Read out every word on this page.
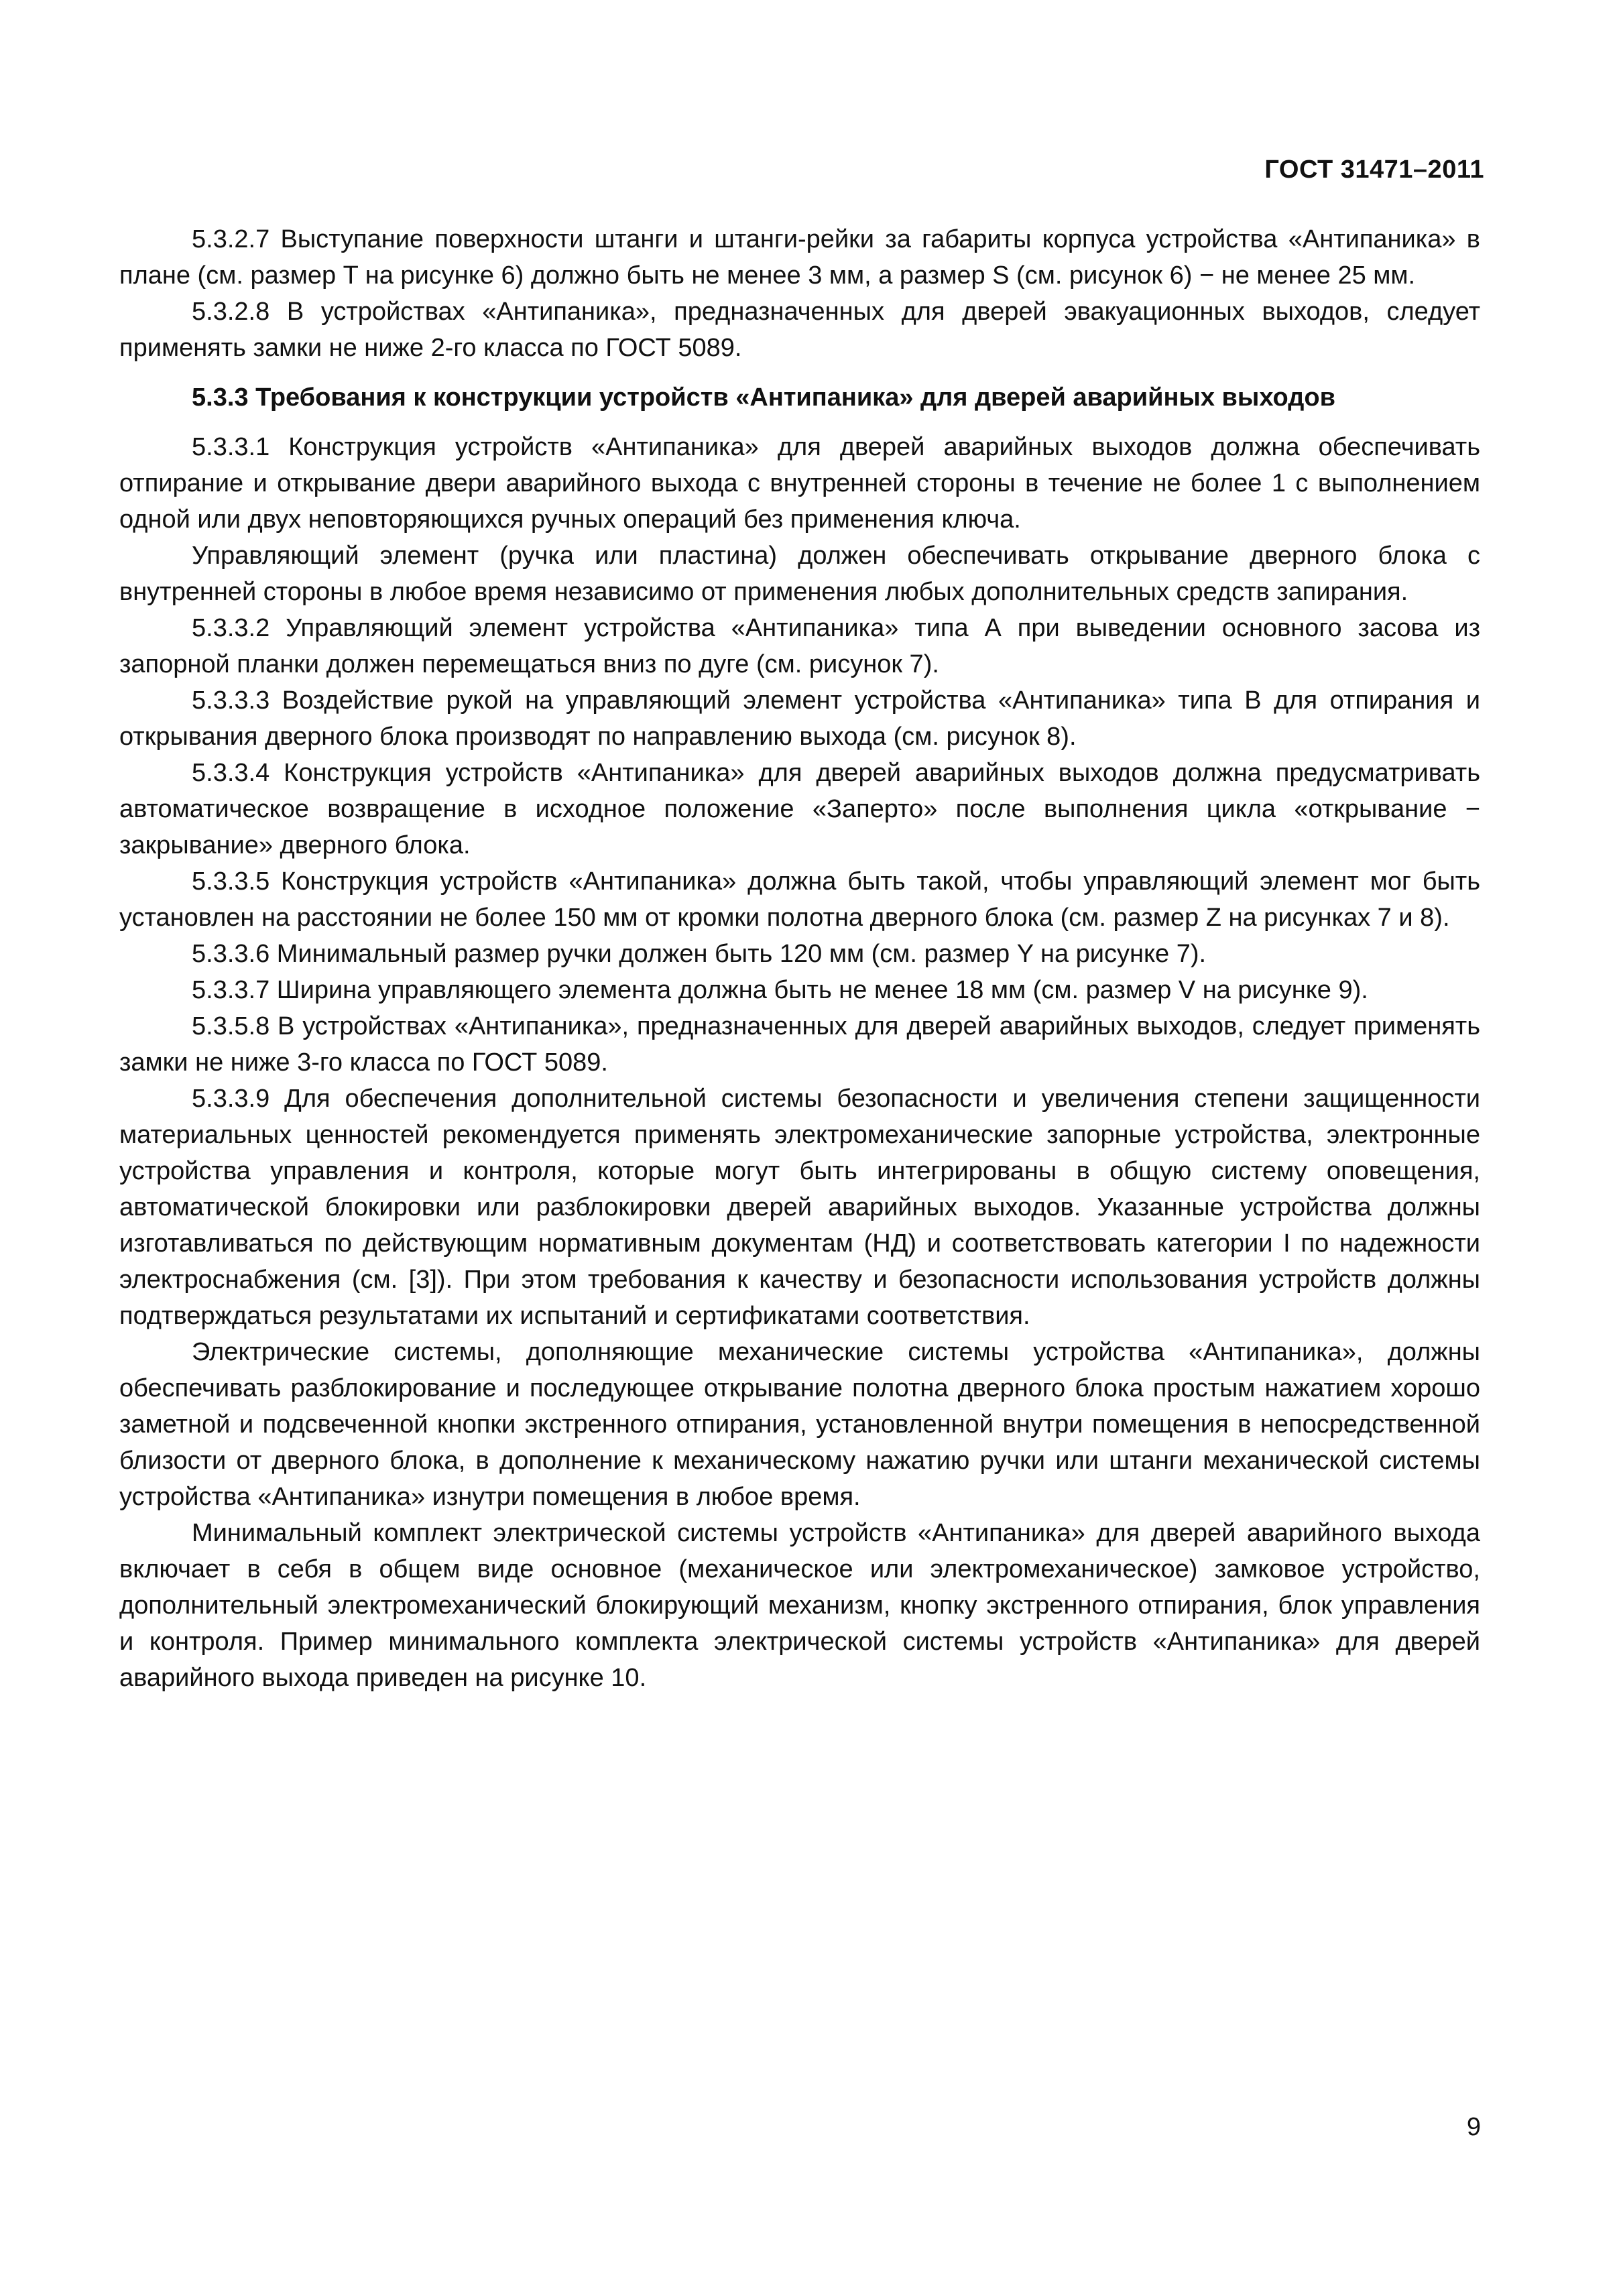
ГОСТ 31471–2011

5.3.2.7 Выступание поверхности штанги и штанги-рейки за габариты корпуса устройства «Антипаника» в плане (см. размер T на рисунке 6) должно быть не менее 3 мм, а размер S (см. рисунок 6) − не менее 25 мм.

5.3.2.8 В устройствах «Антипаника», предназначенных для дверей эвакуационных выходов, следует применять замки не ниже 2-го класса по ГОСТ 5089.

5.3.3 Требования к конструкции устройств «Антипаника» для дверей аварийных выходов

5.3.3.1 Конструкция устройств «Антипаника» для дверей аварийных выходов должна обеспечивать отпирание и открывание двери аварийного выхода с внутренней стороны в течение не более 1 с выполнением одной или двух неповторяющихся ручных операций без применения ключа.

Управляющий элемент (ручка или пластина) должен обеспечивать открывание дверного блока с внутренней стороны в любое время независимо от применения любых дополнительных средств запирания.

5.3.3.2 Управляющий элемент устройства «Антипаника» типа А при выведении основного засова из запорной планки должен перемещаться вниз по дуге (см. рисунок 7).

5.3.3.3 Воздействие рукой на управляющий элемент устройства «Антипаника» типа В для отпирания и открывания дверного блока производят по направлению выхода (см. рисунок 8).

5.3.3.4 Конструкция устройств «Антипаника» для дверей аварийных выходов должна предусматривать автоматическое возвращение в исходное положение «Заперто» после выполнения цикла «открывание − закрывание» дверного блока.

5.3.3.5 Конструкция устройств «Антипаника» должна быть такой, чтобы управляющий элемент мог быть установлен на расстоянии не более 150 мм от кромки полотна дверного блока (см. размер Z на рисунках 7 и 8).

5.3.3.6 Минимальный размер ручки должен быть 120 мм (см. размер Y на рисунке 7).

5.3.3.7 Ширина управляющего элемента должна быть не менее 18 мм (см. размер V на рисунке 9).

5.3.5.8 В устройствах «Антипаника», предназначенных для дверей аварийных выходов, следует применять замки не ниже 3-го класса по ГОСТ 5089.

5.3.3.9 Для обеспечения дополнительной системы безопасности и увеличения степени защищенности материальных ценностей рекомендуется применять электромеханические запорные устройства, электронные устройства управления и контроля, которые могут быть интегрированы в общую систему оповещения, автоматической блокировки или разблокировки дверей аварийных выходов. Указанные устройства должны изготавливаться по действующим нормативным документам (НД) и соответствовать категории I по надежности электроснабжения (см. [3]). При этом требования к качеству и безопасности использования устройств должны подтверждаться результатами их испытаний и сертификатами соответствия.

Электрические системы, дополняющие механические системы устройства «Антипаника», должны обеспечивать разблокирование и последующее открывание полотна дверного блока простым нажатием хорошо заметной и подсвеченной кнопки экстренного отпирания, установленной внутри помещения в непосредственной близости от дверного блока, в дополнение к механическому нажатию ручки или штанги механической системы устройства «Антипаника» изнутри помещения в любое время.

Минимальный комплект электрической системы устройств «Антипаника» для дверей аварийного выхода включает в себя в общем виде основное (механическое или электромеханическое) замковое устройство, дополнительный электромеханический блокирующий механизм, кнопку экстренного отпирания, блок управления и контроля. Пример минимального комплекта электрической системы устройств «Антипаника» для дверей аварийного выхода приведен на рисунке 10.

9
